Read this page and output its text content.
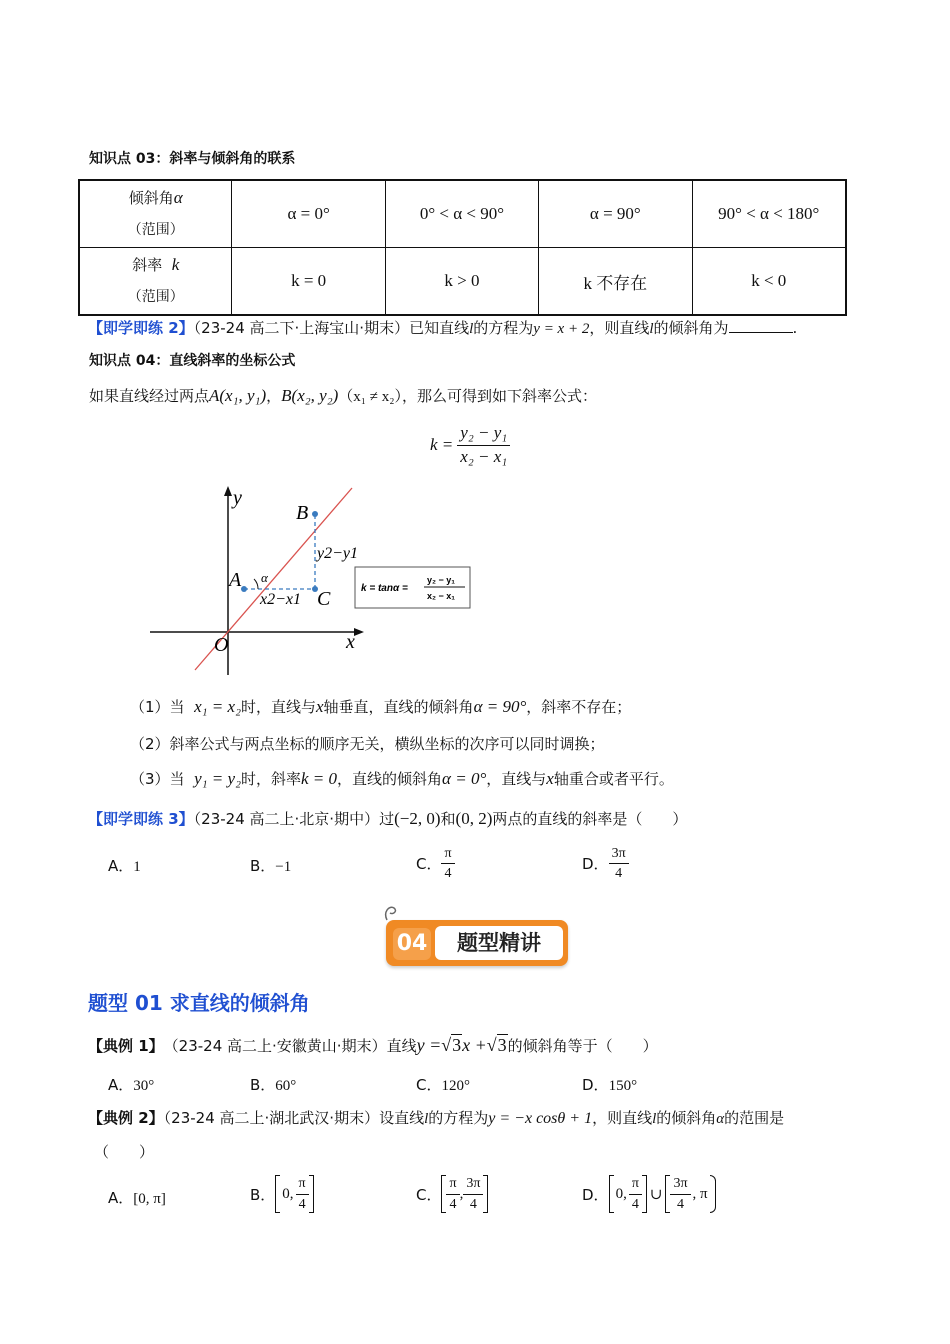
知识点 03：斜率与倾斜角的联系
倾斜角α
（范围）	α = 0°	0° < α < 90°	α = 90°	90° < α < 180°

斜率 k
（范围）	k = 0	k > 0	k 不存在	k < 0
【即学即练 2】（23-24 高二下·上海宝山·期末）已知直线l的方程为y = x + 2，则直线l的倾斜角为	.
知识点 04：直线斜率的坐标公式
如果直线经过两点A(x₁, y₁)，B(x₂, y₂)（x₁ ≠ x₂），那么可得到如下斜率公式：
$k = \frac{\text{y₂ − y₁}}{\text{x₂ − x₁}}$
y
x
O
A
B
C
α
y2−y1
x2−x1
k = tanα =
y₂ − y₁
x₂ − x₁
（1）当 x₁ = x₂时，直线与x轴垂直，直线的倾斜角α = 90°，斜率不存在；
（2）斜率公式与两点坐标的顺序无关，横纵坐标的次序可以同时调换；
（3）当 y₁ = y₂时，斜率k = 0，直线的倾斜角α = 0°，直线与x轴重合或者平行。
【即学即练 3】（23-24 高二上·北京·期中）过(−2, 0)和(0, 2)两点的直线的斜率是（　　）
A．1	B．−1	C． $\frac{\pi}{4}$	D． $\frac{3\pi}{4}$
04	题型精讲
题型 01 求直线的倾斜角
【典例 1】 （23-24 高二上·安徽黄山·期末） 直线 y = √ 3 x + √ 3 的倾斜角等于（　　）
A．30°	B．60°	C．120°	D．150°
【典例 2】（23-24 高二上·湖北武汉·期末）设直线l的方程为y = −x cosθ + 1，则直线l的倾斜角α的范围是
（　　）
A．[0, π]	B． 0, $\frac{\pi}{4}$	C． $\frac{\pi}{4}$ , $\frac{3\pi}{4}$	D． 0, $\frac{\pi}{4}$ ∪ $\frac{3\pi}{4}$ , π
